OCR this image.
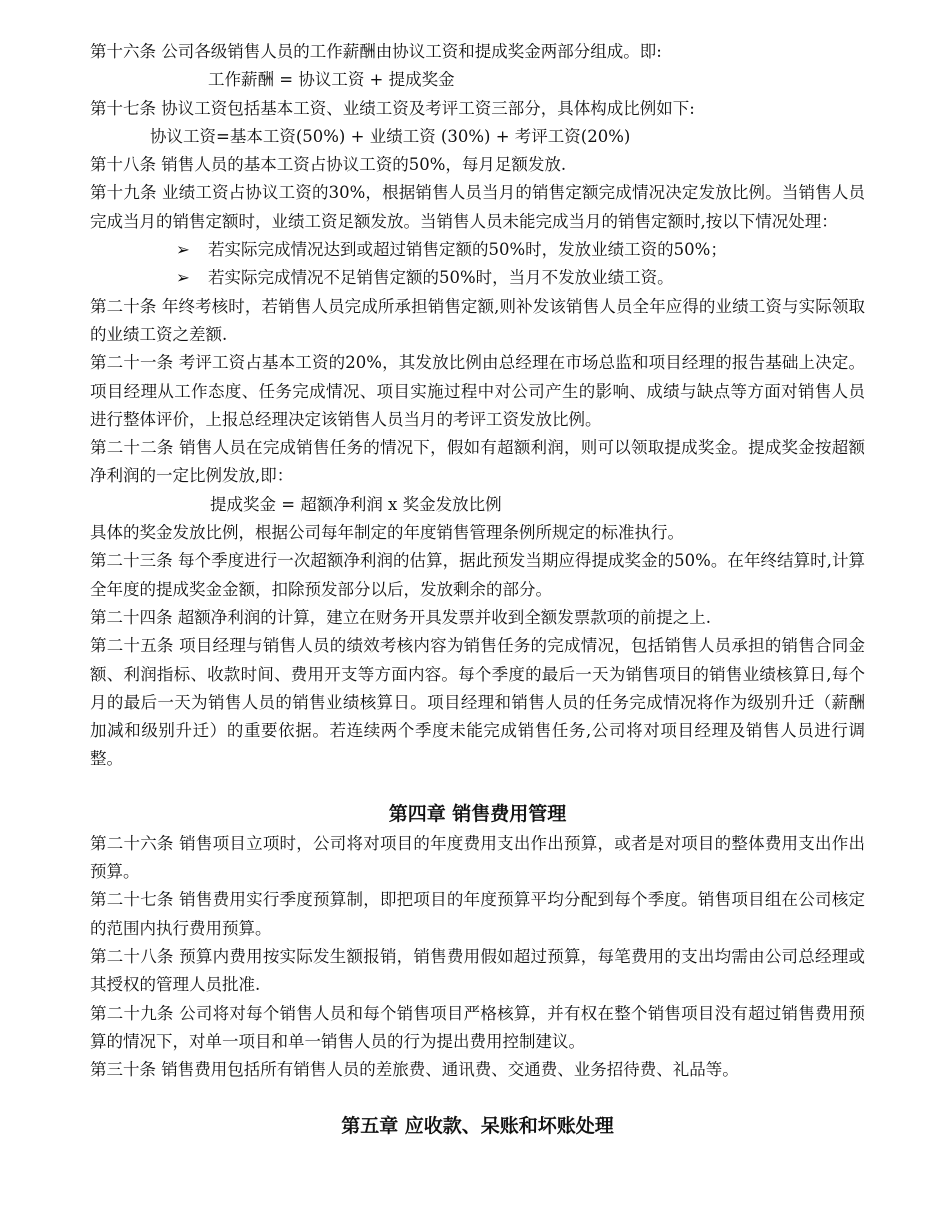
第十六条 公司各级销售人员的工作薪酬由协议工资和提成奖金两部分组成。即:

工作薪酬 = 协议工资 + 提成奖金

第十七条 协议工资包括基本工资、业绩工资及考评工资三部分，具体构成比例如下:

协议工资=基本工资(50%) + 业绩工资 (30%) + 考评工资(20%)

第十八条 销售人员的基本工资占协议工资的50%，每月足额发放.

第十九条 业绩工资占协议工资的30%，根据销售人员当月的销售定额完成情况决定发放比例。当销售人员完成当月的销售定额时，业绩工资足额发放。当销售人员未能完成当月的销售定额时,按以下情况处理：

➢ 若实际完成情况达到或超过销售定额的50%时，发放业绩工资的50%；

➢ 若实际完成情况不足销售定额的50%时，当月不发放业绩工资。

第二十条 年终考核时，若销售人员完成所承担销售定额,则补发该销售人员全年应得的业绩工资与实际领取的业绩工资之差额.

第二十一条 考评工资占基本工资的20%，其发放比例由总经理在市场总监和项目经理的报告基础上决定。项目经理从工作态度、任务完成情况、项目实施过程中对公司产生的影响、成绩与缺点等方面对销售人员进行整体评价，上报总经理决定该销售人员当月的考评工资发放比例。

第二十二条 销售人员在完成销售任务的情况下，假如有超额利润，则可以领取提成奖金。提成奖金按超额净利润的一定比例发放,即：

提成奖金 = 超额净利润 x 奖金发放比例

具体的奖金发放比例，根据公司每年制定的年度销售管理条例所规定的标准执行。

第二十三条 每个季度进行一次超额净利润的估算，据此预发当期应得提成奖金的50%。在年终结算时,计算全年度的提成奖金金额，扣除预发部分以后，发放剩余的部分。

第二十四条 超额净利润的计算，建立在财务开具发票并收到全额发票款项的前提之上.

第二十五条 项目经理与销售人员的绩效考核内容为销售任务的完成情况，包括销售人员承担的销售合同金额、利润指标、收款时间、费用开支等方面内容。每个季度的最后一天为销售项目的销售业绩核算日,每个月的最后一天为销售人员的销售业绩核算日。项目经理和销售人员的任务完成情况将作为级别升迁（薪酬加减和级别升迁）的重要依据。若连续两个季度未能完成销售任务,公司将对项目经理及销售人员进行调整。

第四章 销售费用管理

第二十六条 销售项目立项时，公司将对项目的年度费用支出作出预算，或者是对项目的整体费用支出作出预算。

第二十七条 销售费用实行季度预算制，即把项目的年度预算平均分配到每个季度。销售项目组在公司核定的范围内执行费用预算。

第二十八条 预算内费用按实际发生额报销，销售费用假如超过预算，每笔费用的支出均需由公司总经理或其授权的管理人员批准.

第二十九条 公司将对每个销售人员和每个销售项目严格核算，并有权在整个销售项目没有超过销售费用预算的情况下，对单一项目和单一销售人员的行为提出费用控制建议。

第三十条 销售费用包括所有销售人员的差旅费、通讯费、交通费、业务招待费、礼品等。

第五章 应收款、呆账和坏账处理
